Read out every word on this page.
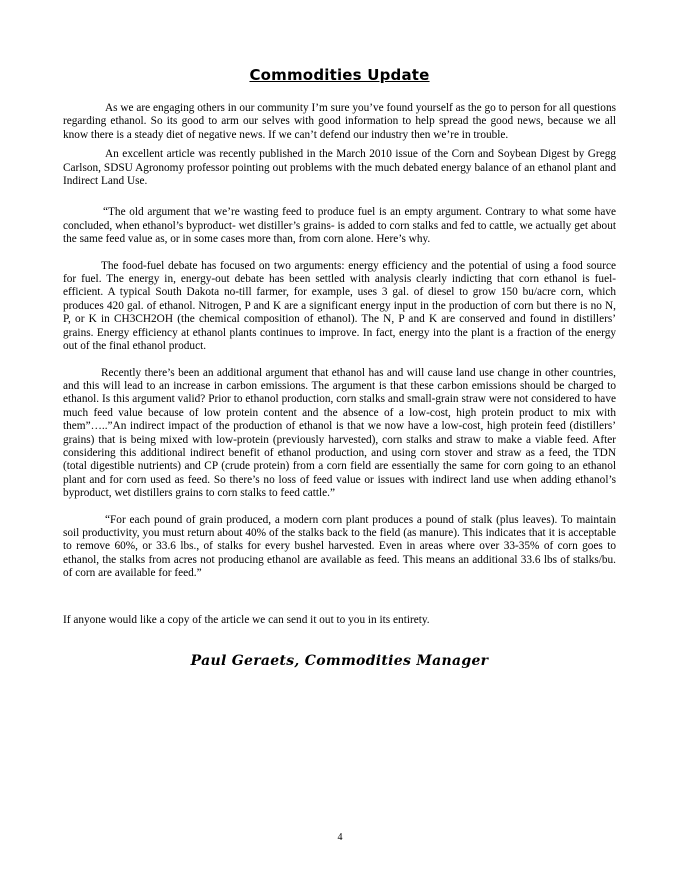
Commodities Update

As we are engaging others in our community I’m sure you’ve found yourself as the go to person for all questions regarding ethanol. So its good to arm our selves with good information to help spread the good news, because we all know there is a steady diet of negative news. If we can’t defend our industry then we’re in trouble.

An excellent article was recently published in the March 2010 issue of the Corn and Soybean Digest by Gregg Carlson, SDSU Agronomy professor pointing out problems with the much debated energy balance of an ethanol plant and Indirect Land Use.

“The old argument that we’re wasting feed to produce fuel is an empty argument. Contrary to what some have concluded, when ethanol’s byproduct- wet distiller’s grains- is added to corn stalks and fed to cattle, we actually get about the same feed value as, or in some cases more than, from corn alone. Here’s why.

The food-fuel debate has focused on two arguments: energy efficiency and the potential of using a food source for fuel. The energy in, energy-out debate has been settled with analysis clearly indicting that corn ethanol is fuel-efficient. A typical South Dakota no-till farmer, for example, uses 3 gal. of diesel to grow 150 bu/acre corn, which produces 420 gal. of ethanol. Nitrogen, P and K are a significant energy input in the production of corn but there is no N, P, or K in CH3CH2OH (the chemical composition of ethanol). The N, P and K are conserved and found in distillers’ grains. Energy efficiency at ethanol plants continues to improve. In fact, energy into the plant is a fraction of the energy out of the final ethanol product.

Recently there’s been an additional argument that ethanol has and will cause land use change in other countries, and this will lead to an increase in carbon emissions. The argument is that these carbon emissions should be charged to ethanol. Is this argument valid? Prior to ethanol production, corn stalks and small-grain straw were not considered to have much feed value because of low protein content and the absence of a low-cost, high protein product to mix with them”…..”An indirect impact of the production of ethanol is that we now have a low-cost, high protein feed (distillers’ grains) that is being mixed with low-protein (previously harvested), corn stalks and straw to make a viable feed. After considering this additional indirect benefit of ethanol production, and using corn stover and straw as a feed, the TDN (total digestible nutrients) and CP (crude protein) from a corn field are essentially the same for corn going to an ethanol plant and for corn used as feed. So there’s no loss of feed value or issues with indirect land use when adding ethanol’s byproduct, wet distillers grains to corn stalks to feed cattle.”

“For each pound of grain produced, a modern corn plant produces a pound of stalk (plus leaves). To maintain soil productivity, you must return about 40% of the stalks back to the field (as manure). This indicates that it is acceptable to remove 60%, or 33.6 lbs., of stalks for every bushel harvested. Even in areas where over 33-35% of corn goes to ethanol, the stalks from acres not producing ethanol are available as feed. This means an additional 33.6 lbs of stalks/bu. of corn are available for feed.”

If anyone would like a copy of the article we can send it out to you in its entirety.

Paul Geraets, Commodities Manager
4
